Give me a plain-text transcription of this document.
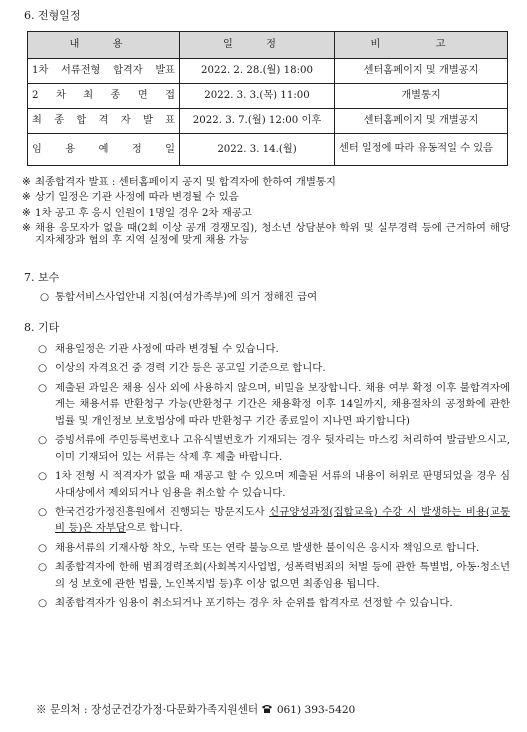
6. 전형일정
내 용	일 정	비 고
1차 서류전형 합격자 발표	2022. 2. 28.(월) 18:00	센터홈페이지 및 개별공지
2 차 최 종 면 접	2022. 3. 3.(목) 11:00	개별통지
최 종 합 격 자 발 표	2022. 3. 7.(월) 12:00 이후	센터홈페이지 및 개별공지
임 용 예 정 일	2022. 3. 14.(월)	센터 일정에 따라 유동적일 수 있음
※ 최종합격자 발표 : 센터홈페이지 공지 및 합격자에 한하여 개별통지
※ 상기 일정은 기관 사정에 따라 변경될 수 있음
※ 1차 공고 후 응시 인원이 1명일 경우 2차 재공고
※ 채용 응모자가 없을 때(2회 이상 공개 경쟁모집), 청소년 상담분야 학위 및 실무경력 등에 근거하여 해당 지자체장과 협의 후 지역 실정에 맞게 채용 가능
7. 보수
○ 통합서비스사업안내 지침(여성가족부)에 의거 정해진 급여
8. 기타
○ 채용일정은 기관 사정에 따라 변경될 수 있습니다.
○ 이상의 자격요건 중 경력 기간 등은 공고일 기준으로 합니다.
○ 제출된 과일은 채용 심사 외에 사용하지 않으며, 비밀을 보장합니다. 채용 여부 확정 이후 불합격자에게는 채용서류 반환청구 가능(반환청구 기간은 채용확정 이후 14일까지, 채용절차의 공정화에 관한 법률 및 개인정보 보호법상에 따라 반환청구 기간 종료일이 지나면 파기합니다)
○ 증빙서류에 주민등록번호나 고유식별번호가 기재되는 경우 뒷자리는 마스킹 처리하여 발급받으시고, 이미 기재되어 있는 서류는 삭제 후 제출 바랍니다.
○ 1차 전형 시 적격자가 없을 때 재공고 할 수 있으며 제출된 서류의 내용이 허위로 판명되었을 경우 심사대상에서 제외되거나 임용을 취소할 수 있습니다.
○ 한국건강가정진흥원에서 진행되는 방문지도사 신규양성과정(집합교육) 수강 시 발생하는 비용(교통비 등)은 자부담으로 합니다.
○ 채용서류의 기재사항 착오, 누락 또는 연락 불능으로 발생한 불이익은 응시자 책임으로 합니다.
○ 최종합격자에 한해 범죄경력조회(사회복지사업법, 성폭력범죄의 처벌 등에 관한 특별법, 아동·청소년의 성 보호에 관한 법률, 노인복지법 등)후 이상 없으면 최종임용 됩니다.
○ 최종합격자가 임용이 취소되거나 포기하는 경우 차 순위를 합격자로 선정할 수 있습니다.
※ 문의처 : 장성군건강가정·다문화가족지원센터  061) 393-5420
